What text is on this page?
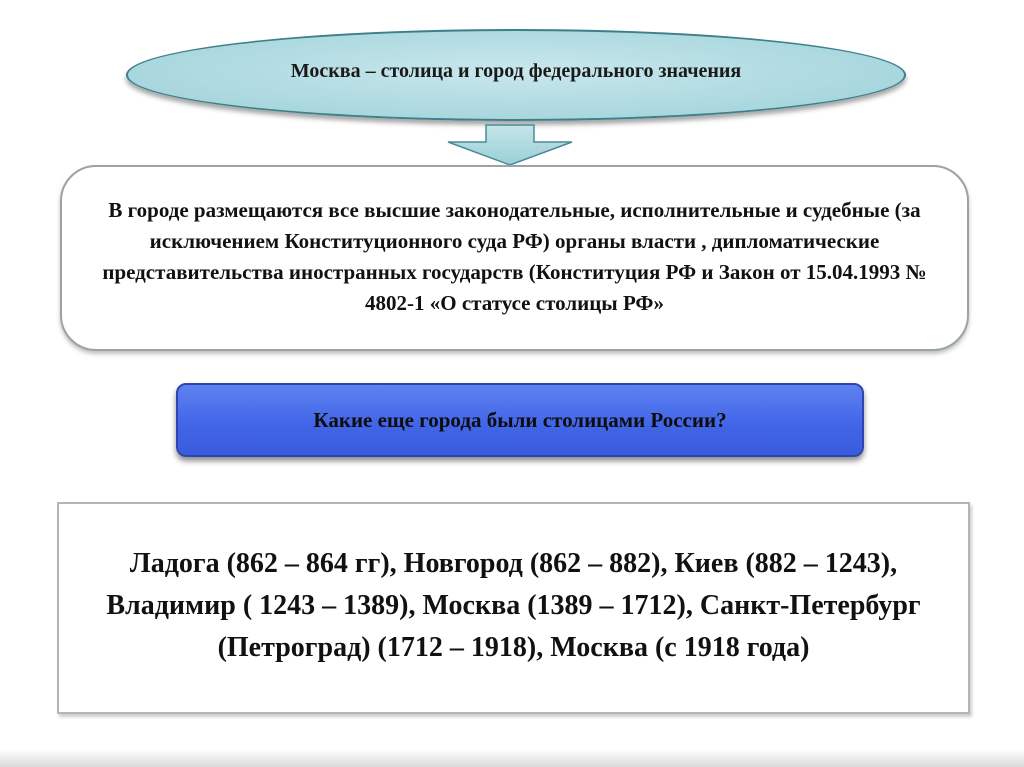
Москва – столица и город федерального значения
В городе размещаются все высшие законодательные, исполнительные и судебные (за исключением Конституционного суда РФ) органы власти , дипломатические представительства иностранных государств (Конституция РФ и Закон от 15.04.1993 № 4802-1 «О статусе столицы РФ»
Какие еще города были столицами России?
Ладога (862 – 864 гг), Новгород (862 – 882), Киев (882 – 1243), Владимир ( 1243 – 1389), Москва (1389 – 1712), Санкт-Петербург (Петроград) (1712 – 1918), Москва (с 1918 года)
